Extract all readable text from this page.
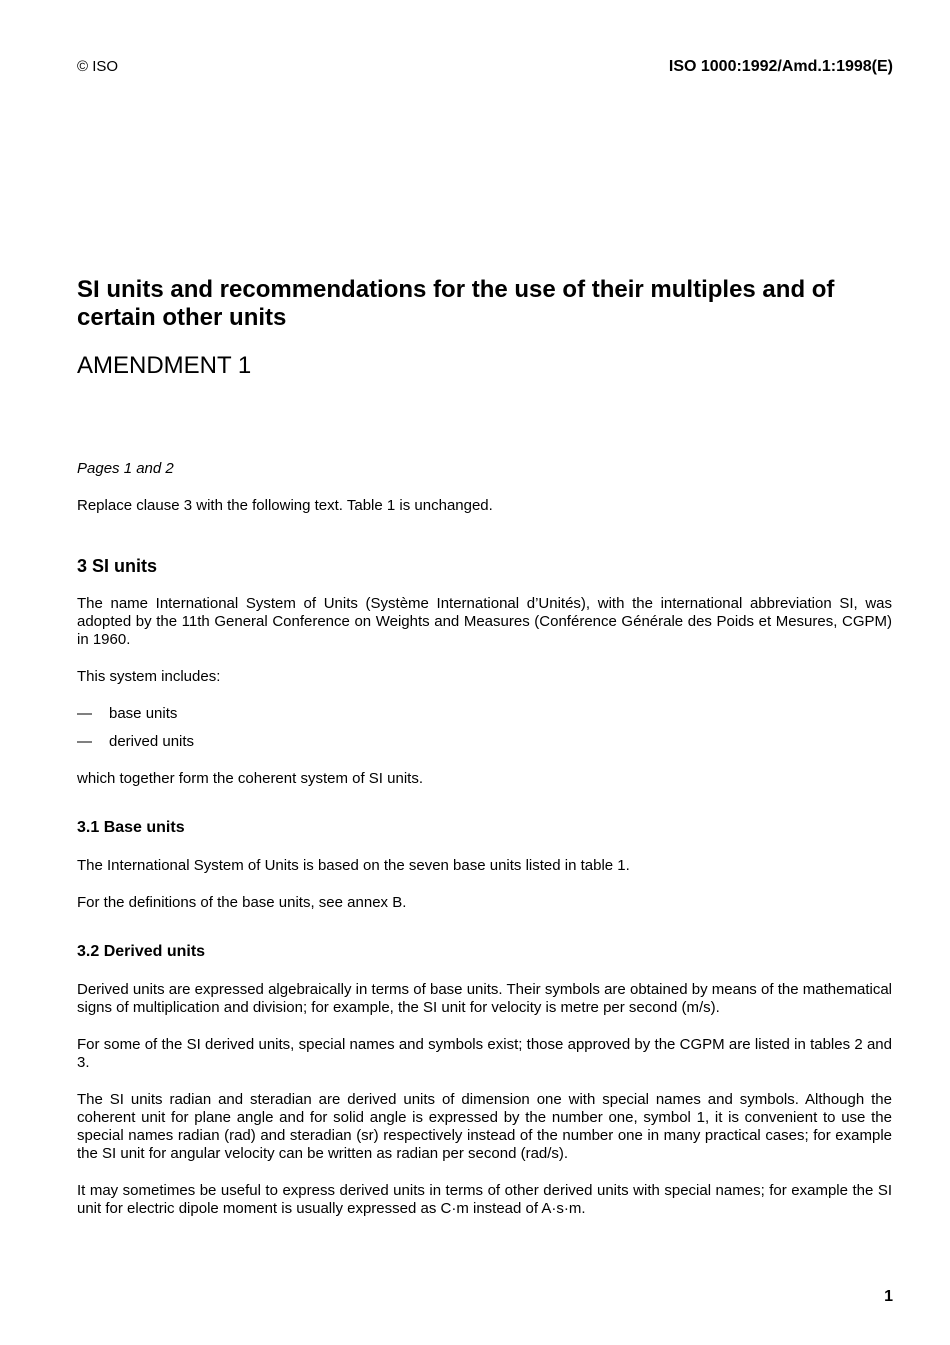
© ISO	ISO 1000:1992/Amd.1:1998(E)
SI units and recommendations for the use of their multiples and of certain other units
AMENDMENT 1
Pages 1 and 2

Replace clause 3 with the following text. Table 1 is unchanged.

3 SI units

The name International System of Units (Système International d’Unités), with the international abbreviation SI, was adopted by the 11th General Conference on Weights and Measures (Conférence Générale des Poids et Mesures, CGPM) in 1960.

This system includes:

—	base units
—	derived units

which together form the coherent system of SI units.

3.1 Base units

The International System of Units is based on the seven base units listed in table 1.

For the definitions of the base units, see annex B.

3.2 Derived units

Derived units are expressed algebraically in terms of base units. Their symbols are obtained by means of the mathematical signs of multiplication and division; for example, the SI unit for velocity is metre per second (m/s).

For some of the SI derived units, special names and symbols exist; those approved by the CGPM are listed in tables 2 and 3.

The SI units radian and steradian are derived units of dimension one with special names and symbols. Although the coherent unit for plane angle and for solid angle is expressed by the number one, symbol 1, it is convenient to use the special names radian (rad) and steradian (sr) respectively instead of the number one in many practical cases; for example the SI unit for angular velocity can be written as radian per second (rad/s).

It may sometimes be useful to express derived units in terms of other derived units with special names; for example the SI unit for electric dipole moment is usually expressed as C·m instead of A·s·m.

1
